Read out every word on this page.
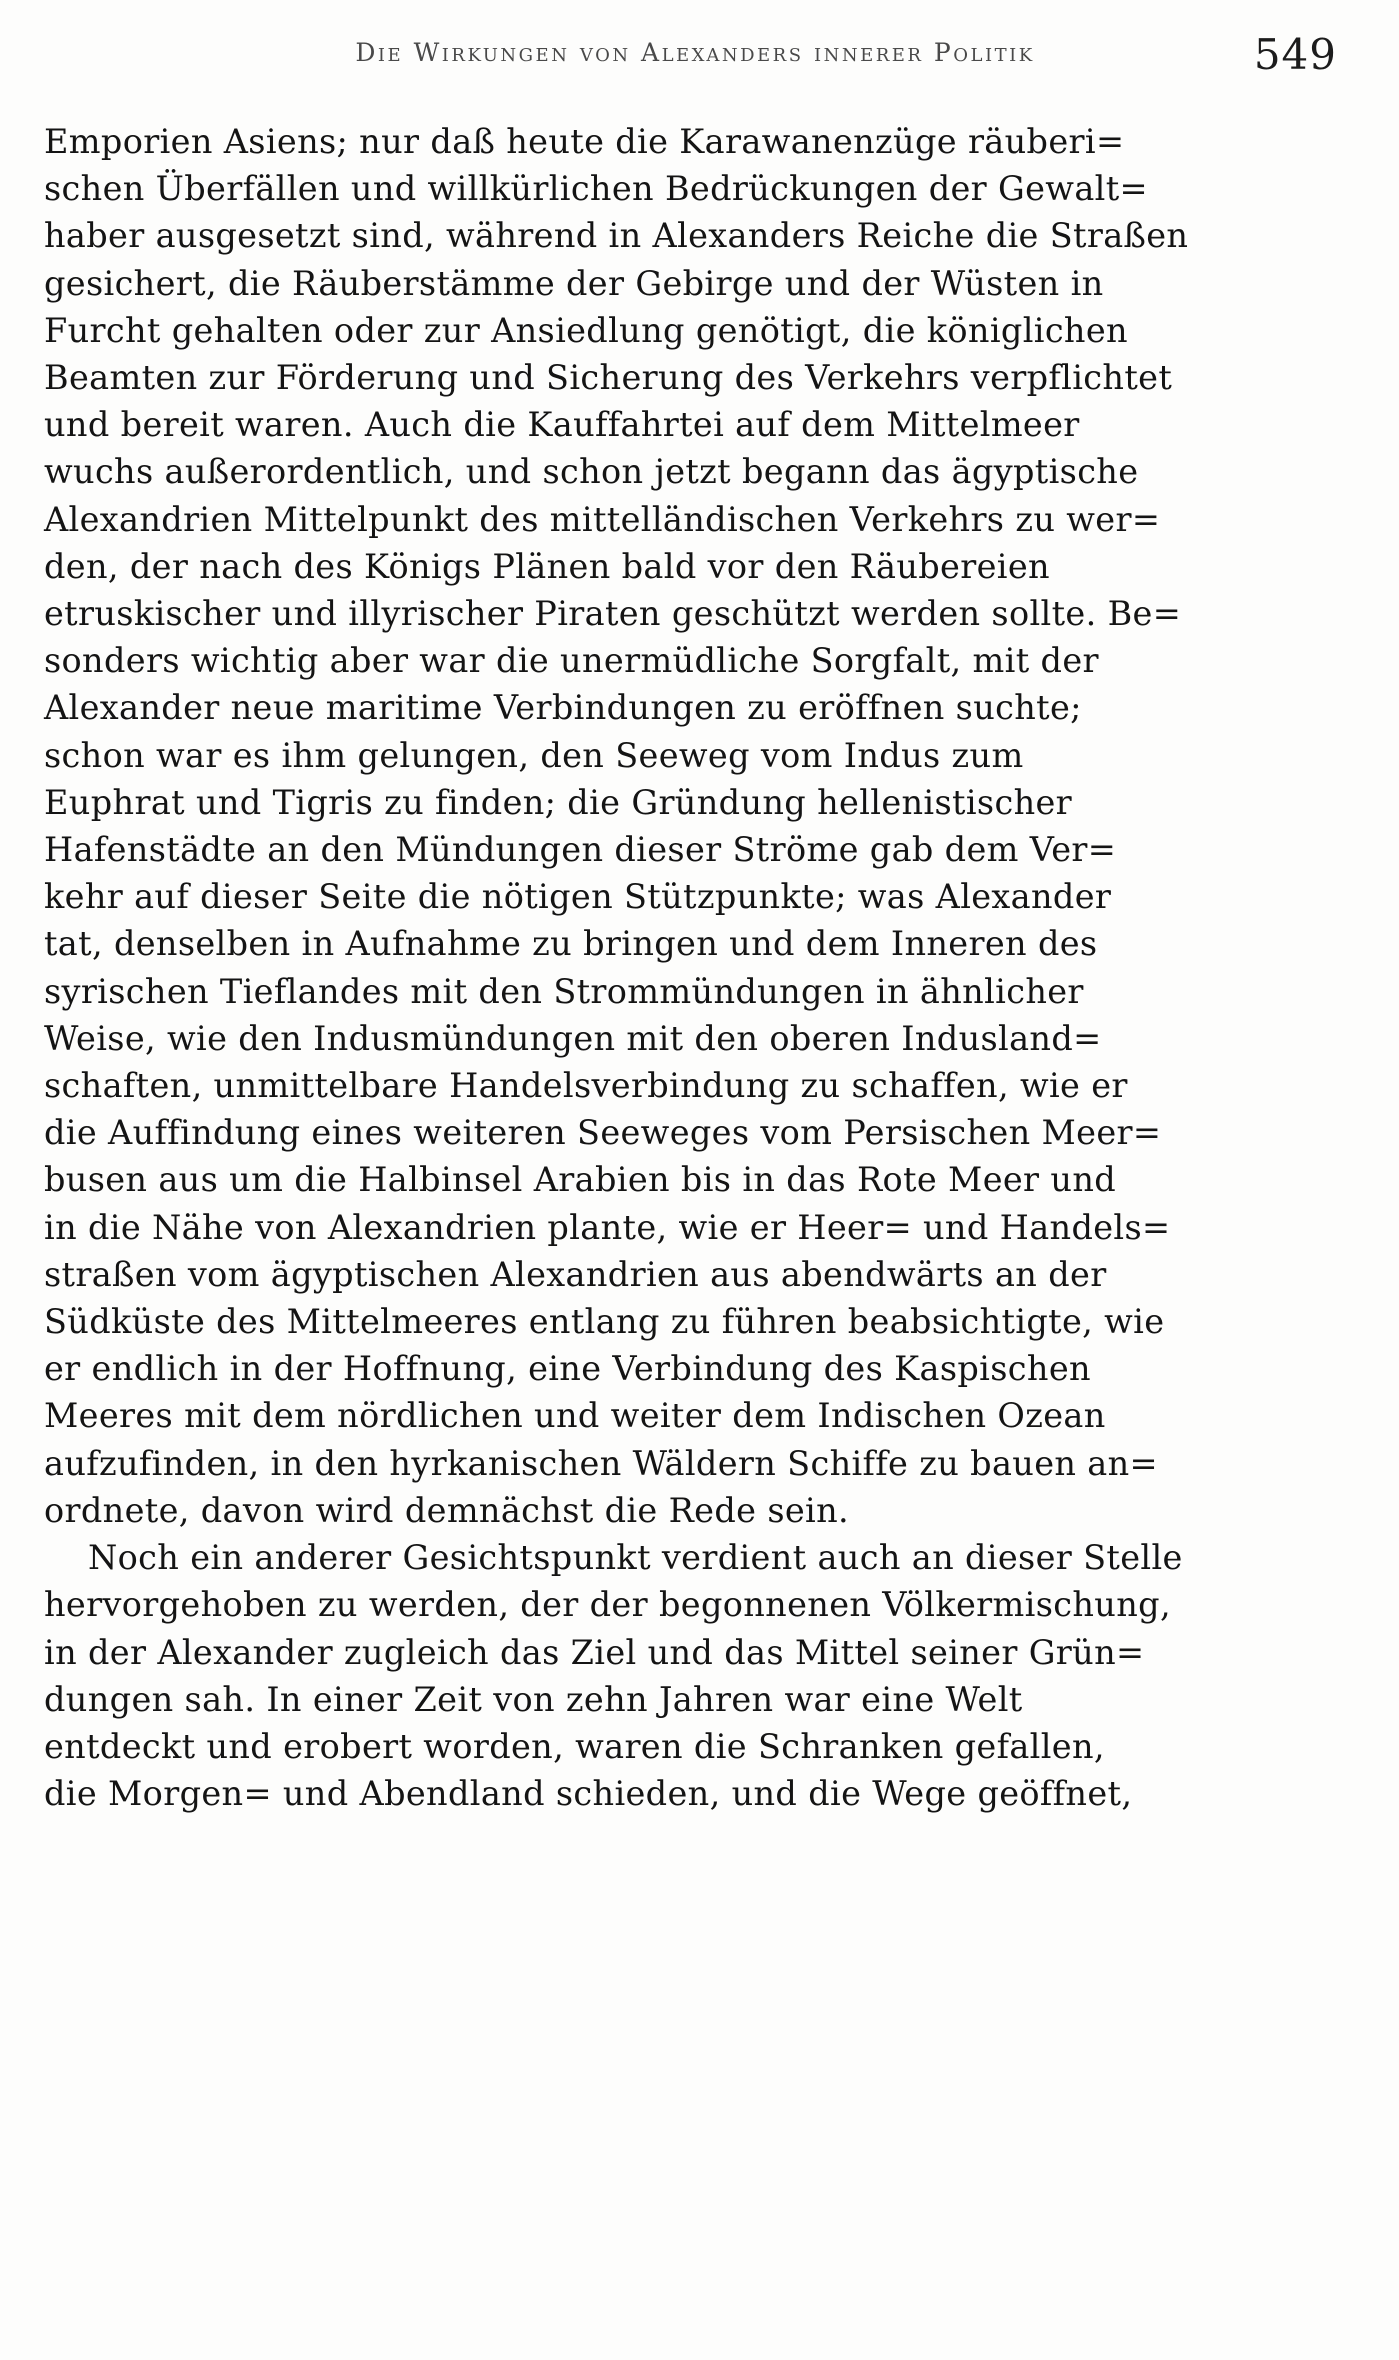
Die Wirkungen von Alexanders innerer Politik	549
Emporien Asiens; nur daß heute die Karawanenzüge räuberi=
schen Überfällen und willkürlichen Bedrückungen der Gewalt=
haber ausgesetzt sind, während in Alexanders Reiche die Straßen
gesichert, die Räuberstämme der Gebirge und der Wüsten in
Furcht gehalten oder zur Ansiedlung genötigt, die königlichen
Beamten zur Förderung und Sicherung des Verkehrs verpflichtet
und bereit waren. Auch die Kauffahrtei auf dem Mittelmeer
wuchs außerordentlich, und schon jetzt begann das ägyptische
Alexandrien Mittelpunkt des mittelländischen Verkehrs zu wer=
den, der nach des Königs Plänen bald vor den Räubereien
etruskischer und illyrischer Piraten geschützt werden sollte. Be=
sonders wichtig aber war die unermüdliche Sorgfalt, mit der
Alexander neue maritime Verbindungen zu eröffnen suchte;
schon war es ihm gelungen, den Seeweg vom Indus zum
Euphrat und Tigris zu finden; die Gründung hellenistischer
Hafenstädte an den Mündungen dieser Ströme gab dem Ver=
kehr auf dieser Seite die nötigen Stützpunkte; was Alexander
tat, denselben in Aufnahme zu bringen und dem Inneren des
syrischen Tieflandes mit den Strommündungen in ähnlicher
Weise, wie den Indusmündungen mit den oberen Indusland=
schaften, unmittelbare Handelsverbindung zu schaffen, wie er
die Auffindung eines weiteren Seeweges vom Persischen Meer=
busen aus um die Halbinsel Arabien bis in das Rote Meer und
in die Nähe von Alexandrien plante, wie er Heer= und Handels=
straßen vom ägyptischen Alexandrien aus abendwärts an der
Südküste des Mittelmeeres entlang zu führen beabsichtigte, wie
er endlich in der Hoffnung, eine Verbindung des Kaspischen
Meeres mit dem nördlichen und weiter dem Indischen Ozean
aufzufinden, in den hyrkanischen Wäldern Schiffe zu bauen an=
ordnete, davon wird demnächst die Rede sein.
Noch ein anderer Gesichtspunkt verdient auch an dieser Stelle
hervorgehoben zu werden, der der begonnenen Völkermischung,
in der Alexander zugleich das Ziel und das Mittel seiner Grün=
dungen sah. In einer Zeit von zehn Jahren war eine Welt
entdeckt und erobert worden, waren die Schranken gefallen,
die Morgen= und Abendland schieden, und die Wege geöffnet,
